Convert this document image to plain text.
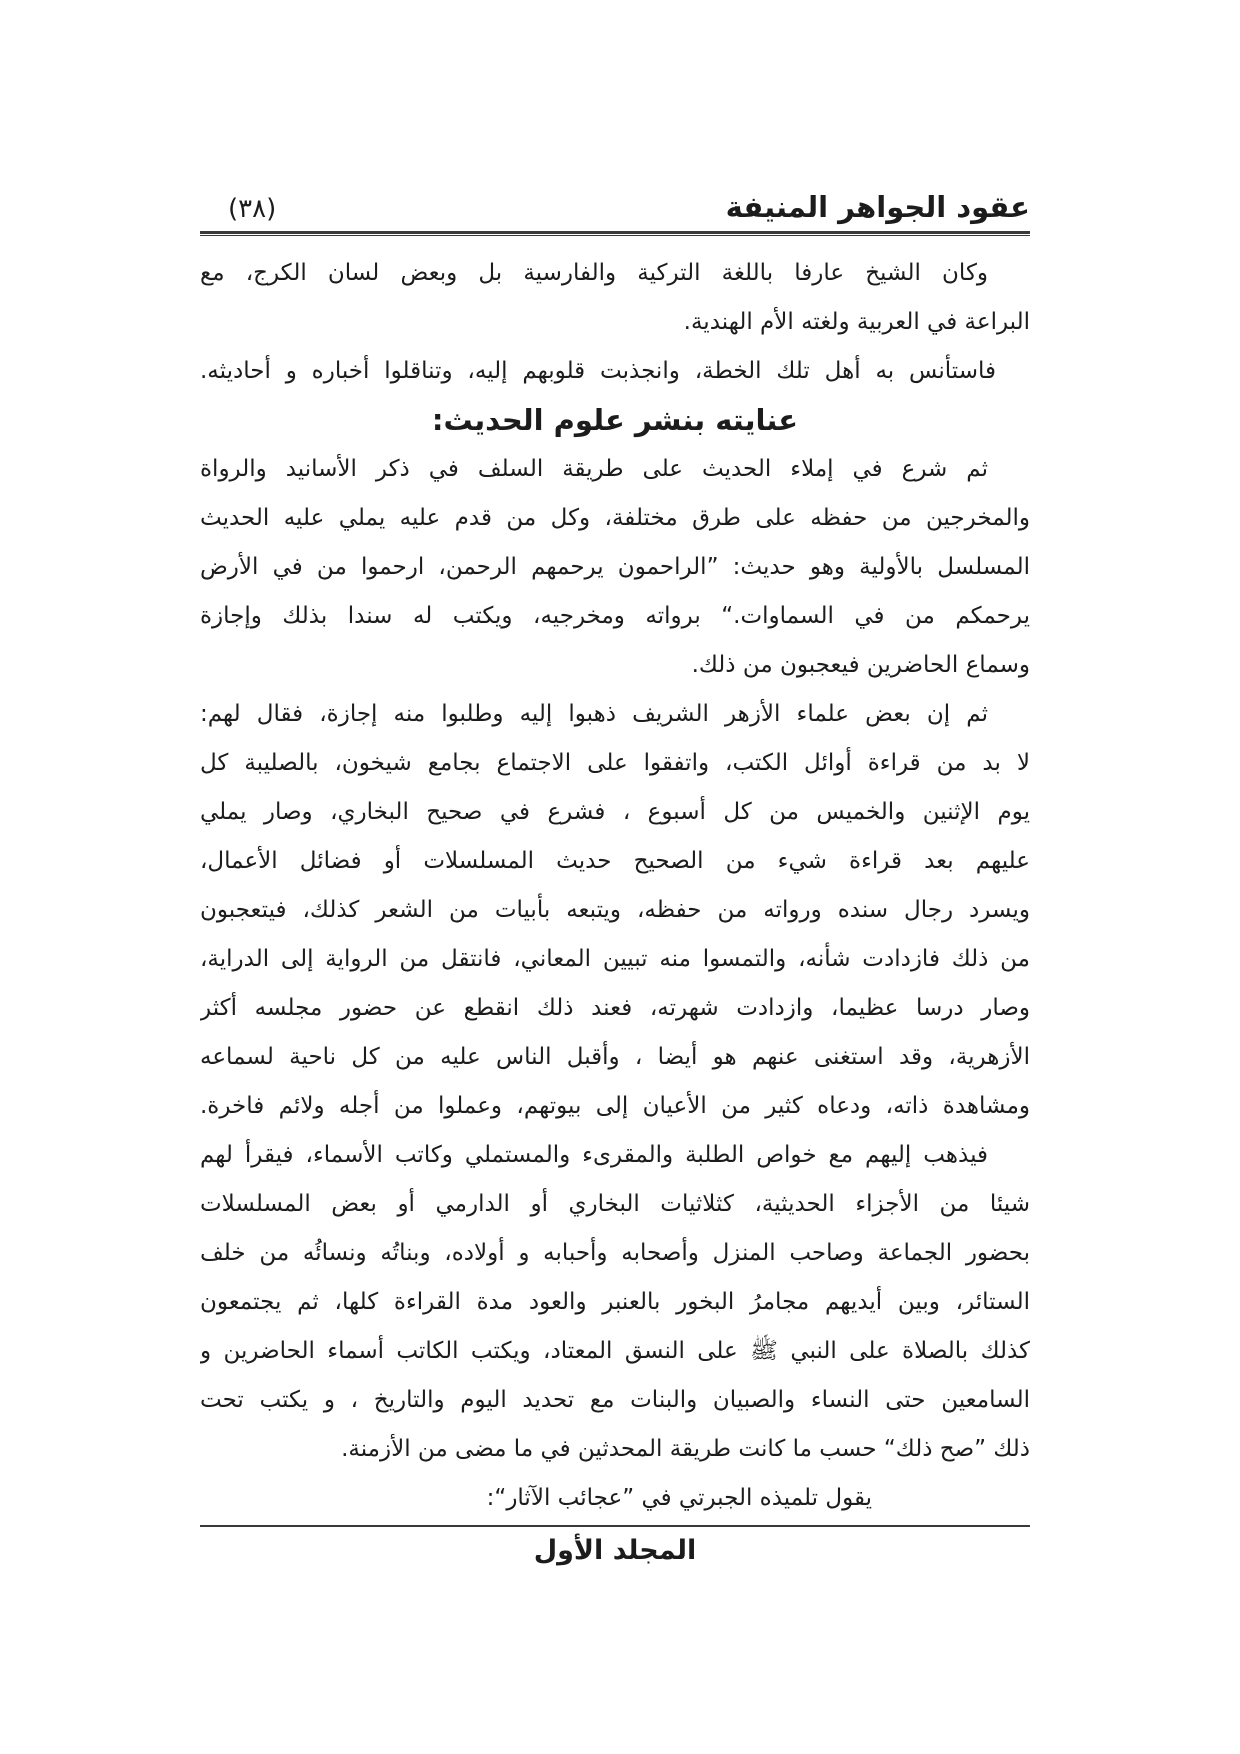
عقود الجواهر المنيفة
(٣٨)
وكان الشيخ عارفا باللغة التركية والفارسية بل وبعض لسان الكرج، مع
البراعة في العربية ولغته الأم الهندية.
فاستأنس به أهل تلك الخطة، وانجذبت قلوبهم إليه، وتناقلوا أخباره و أحاديثه.
عنايته بنشر علوم الحديث:
ثم شرع في إملاء الحديث على طريقة السلف في ذكر الأسانيد والرواة
والمخرجين من حفظه على طرق مختلفة، وكل من قدم عليه يملي عليه الحديث
المسلسل بالأولية وهو حديث: ”الراحمون يرحمهم الرحمن، ارحموا من في الأرض
يرحمكم من في السماوات.“ برواته ومخرجيه، ويكتب له سندا بذلك وإجازة
وسماع الحاضرين فيعجبون من ذلك.
ثم إن بعض علماء الأزهر الشريف ذهبوا إليه وطلبوا منه إجازة، فقال لهم:
لا بد من قراءة أوائل الكتب، واتفقوا على الاجتماع بجامع شيخون، بالصليبة كل
يوم الإثنين والخميس من كل أسبوع ، فشرع في صحيح البخاري، وصار يملي
عليهم بعد قراءة شيء من الصحيح حديث المسلسلات أو فضائل الأعمال،
ويسرد رجال سنده ورواته من حفظه، ويتبعه بأبيات من الشعر كذلك، فيتعجبون
من ذلك فازدادت شأنه، والتمسوا منه تبيين المعاني، فانتقل من الرواية إلى الدراية،
وصار درسا عظيما، وازدادت شهرته، فعند ذلك انقطع عن حضور مجلسه أكثر
الأزهرية، وقد استغنى عنهم هو أيضا ، وأقبل الناس عليه من كل ناحية لسماعه
ومشاهدة ذاته، ودعاه كثير من الأعيان إلى بيوتهم، وعملوا من أجله ولائم فاخرة.
فيذهب إليهم مع خواص الطلبة والمقرىء والمستملي وكاتب الأسماء، فيقرأ لهم
شيئا من الأجزاء الحديثية، كثلاثيات البخاري أو الدارمي أو بعض المسلسلات
بحضور الجماعة وصاحب المنزل وأصحابه وأحبابه و أولاده، وبناتُه ونسائُه من خلف
الستائر، وبين أيديهم مجامرُ البخور بالعنبر والعود مدة القراءة كلها، ثم يجتمعون
كذلك بالصلاة على النبي ﷺ على النسق المعتاد، ويكتب الكاتب أسماء الحاضرين و
السامعين حتى النساء والصبيان والبنات مع تحديد اليوم والتاريخ ، و يكتب تحت
ذلك ”صح ذلك“ حسب ما كانت طريقة المحدثين في ما مضى من الأزمنة.
يقول تلميذه الجبرتي في ”عجائب الآثار“:
المجلد الأول
